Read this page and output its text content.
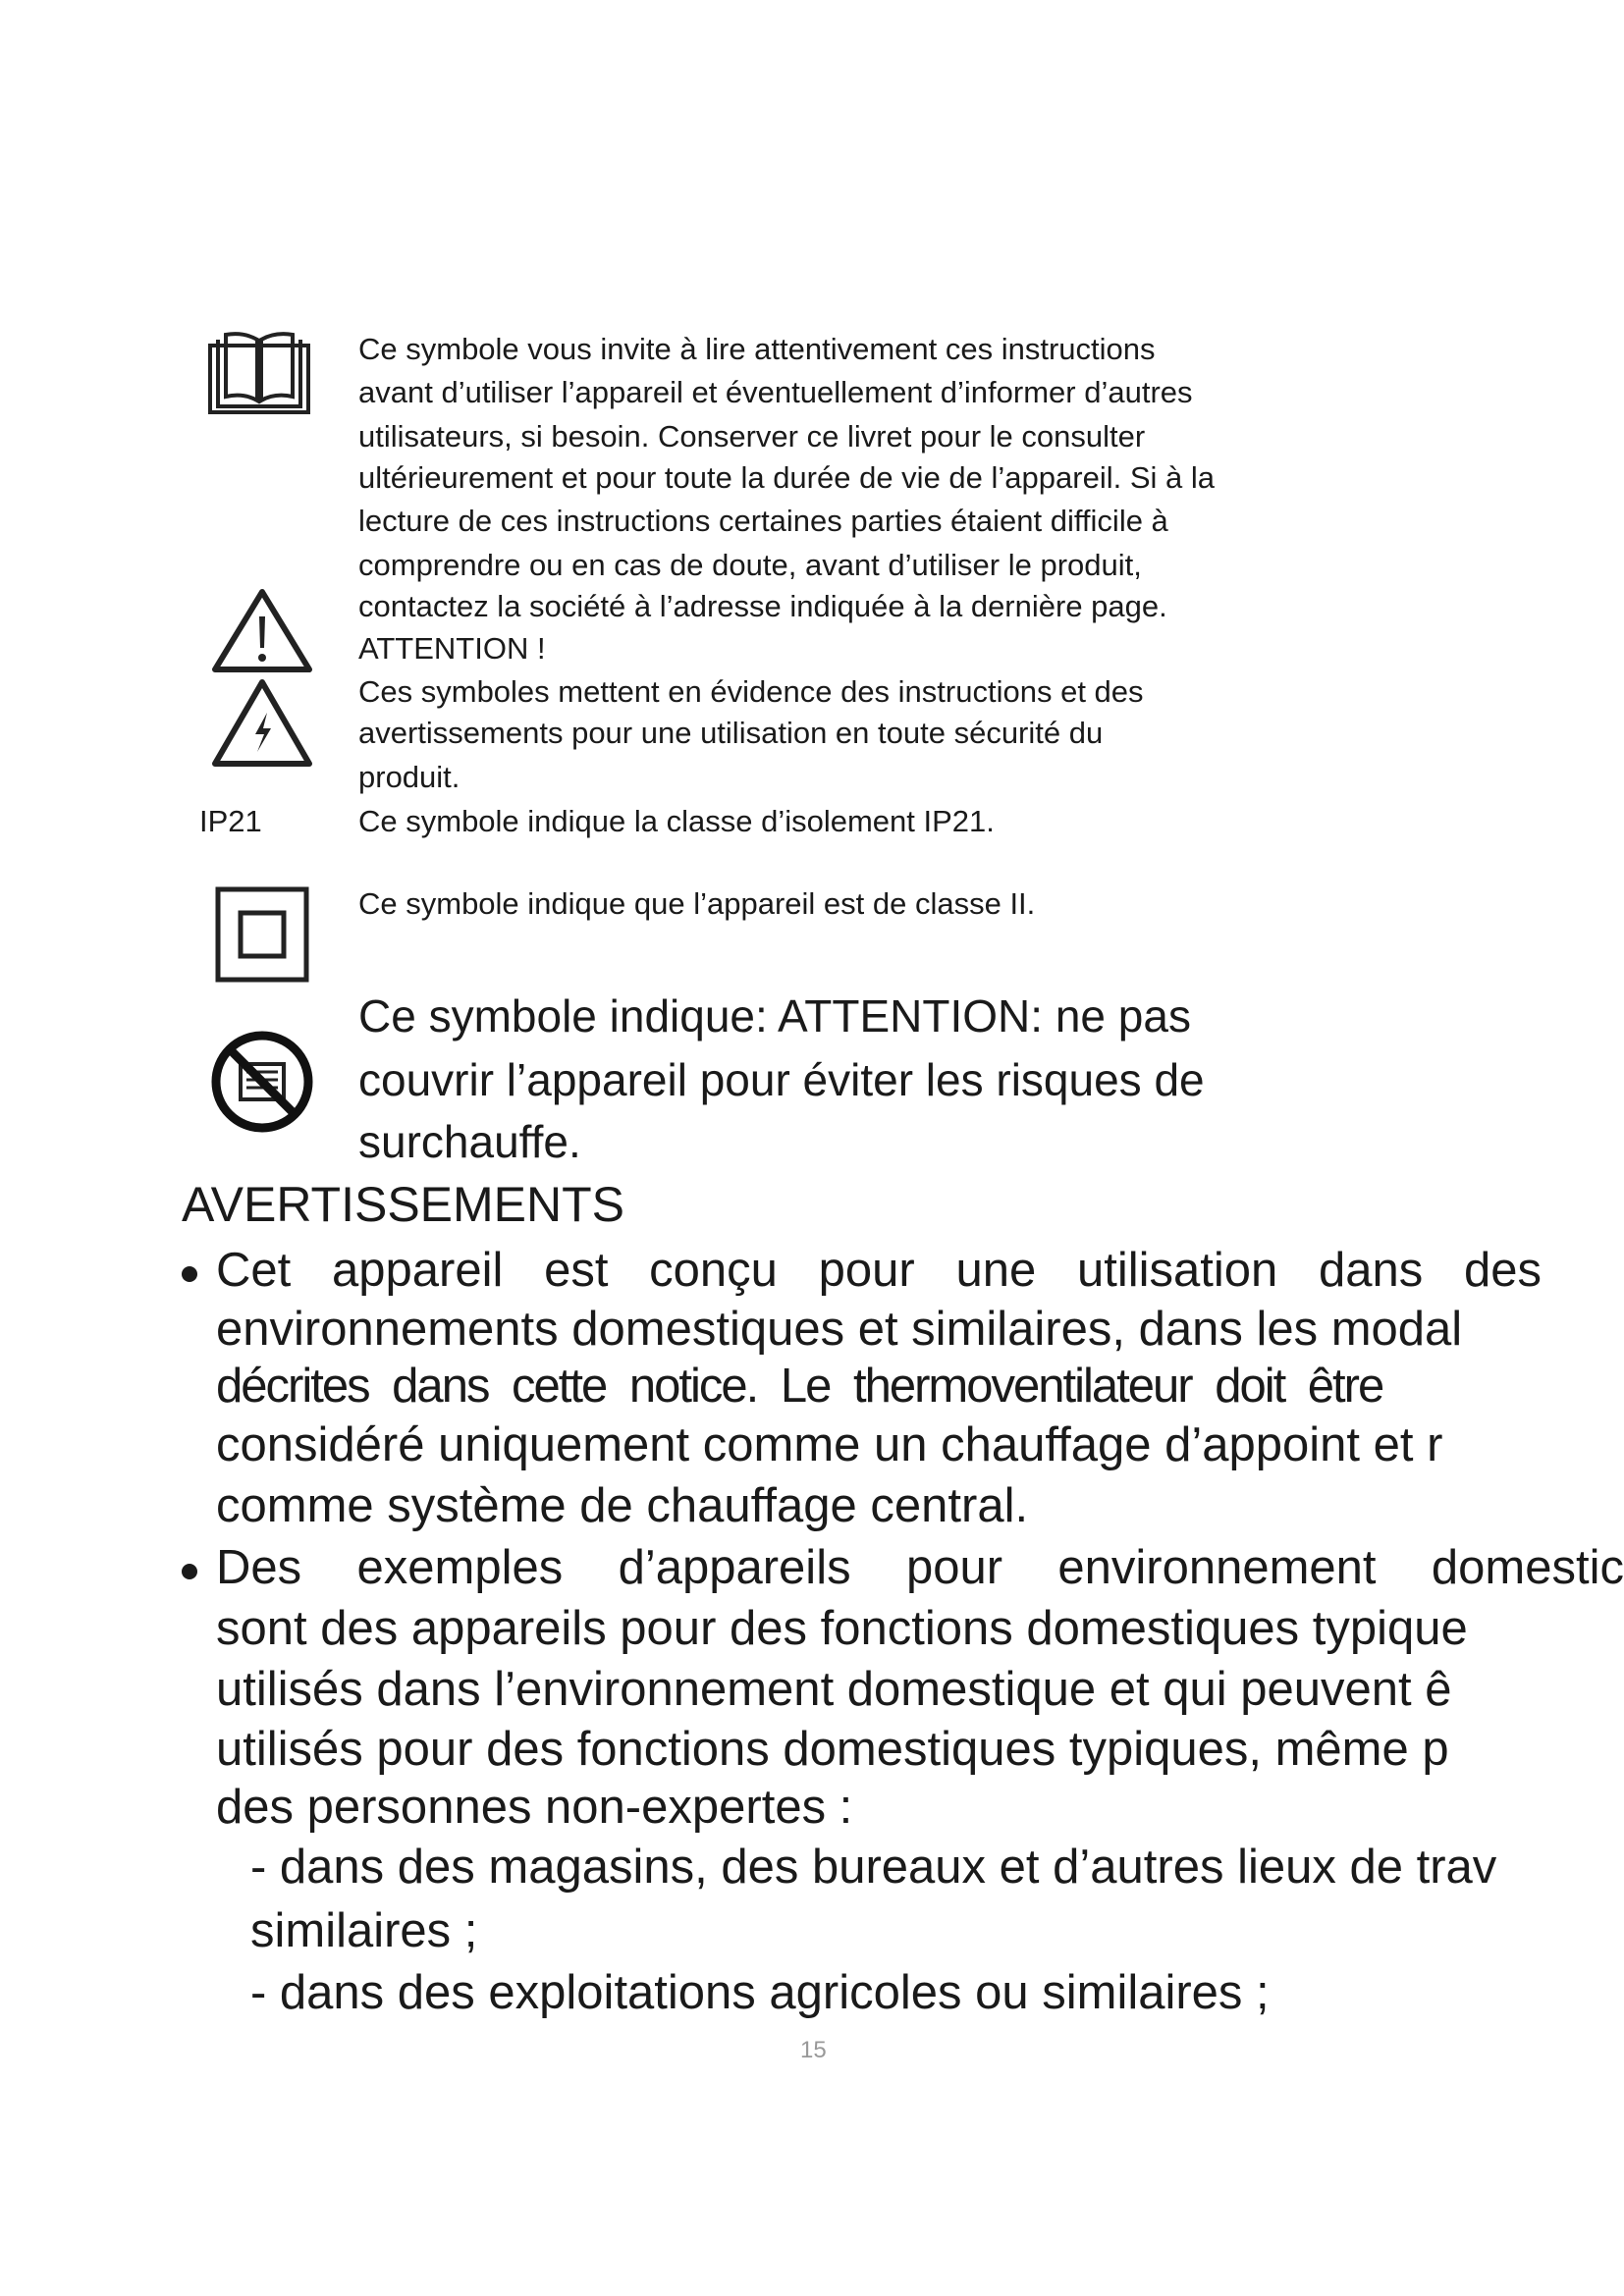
Ce symbole vous invite à lire attentivement ces instructions
avant d’utiliser l’appareil et éventuellement d’informer d’autres
utilisateurs, si besoin. Conserver ce livret pour le consulter
ultérieurement et pour toute la durée de vie de l’appareil. Si à la
lecture de ces instructions certaines parties étaient difficile à
comprendre ou en cas de doute, avant d’utiliser le produit,
contactez la société à l’adresse indiquée à la dernière page.
ATTENTION !
Ces symboles mettent en évidence des instructions et des
avertissements pour une utilisation en toute sécurité du
produit.
IP21	Ce symbole indique la classe d’isolement IP21.
Ce symbole indique que l’appareil est de classe II.
Ce symbole indique: ATTENTION: ne pas
couvrir l’appareil pour éviter les risques de
surchauffe.
AVERTISSEMENTS
Cet appareil est conçu pour une utilisation dans des
environnements domestiques et similaires, dans les modal
décrites dans cette notice. Le thermoventilateur doit être
considéré uniquement comme un chauffage d’appoint et r
comme système de chauffage central.
Des exemples d’appareils pour environnement domestic
sont des appareils pour des fonctions domestiques typique
utilisés dans l’environnement domestique et qui peuvent ê
utilisés pour des fonctions domestiques typiques, même p
des personnes non-expertes :
- dans des magasins, des bureaux et d’autres lieux de trav
similaires ;
- dans des exploitations agricoles ou similaires ;
15
